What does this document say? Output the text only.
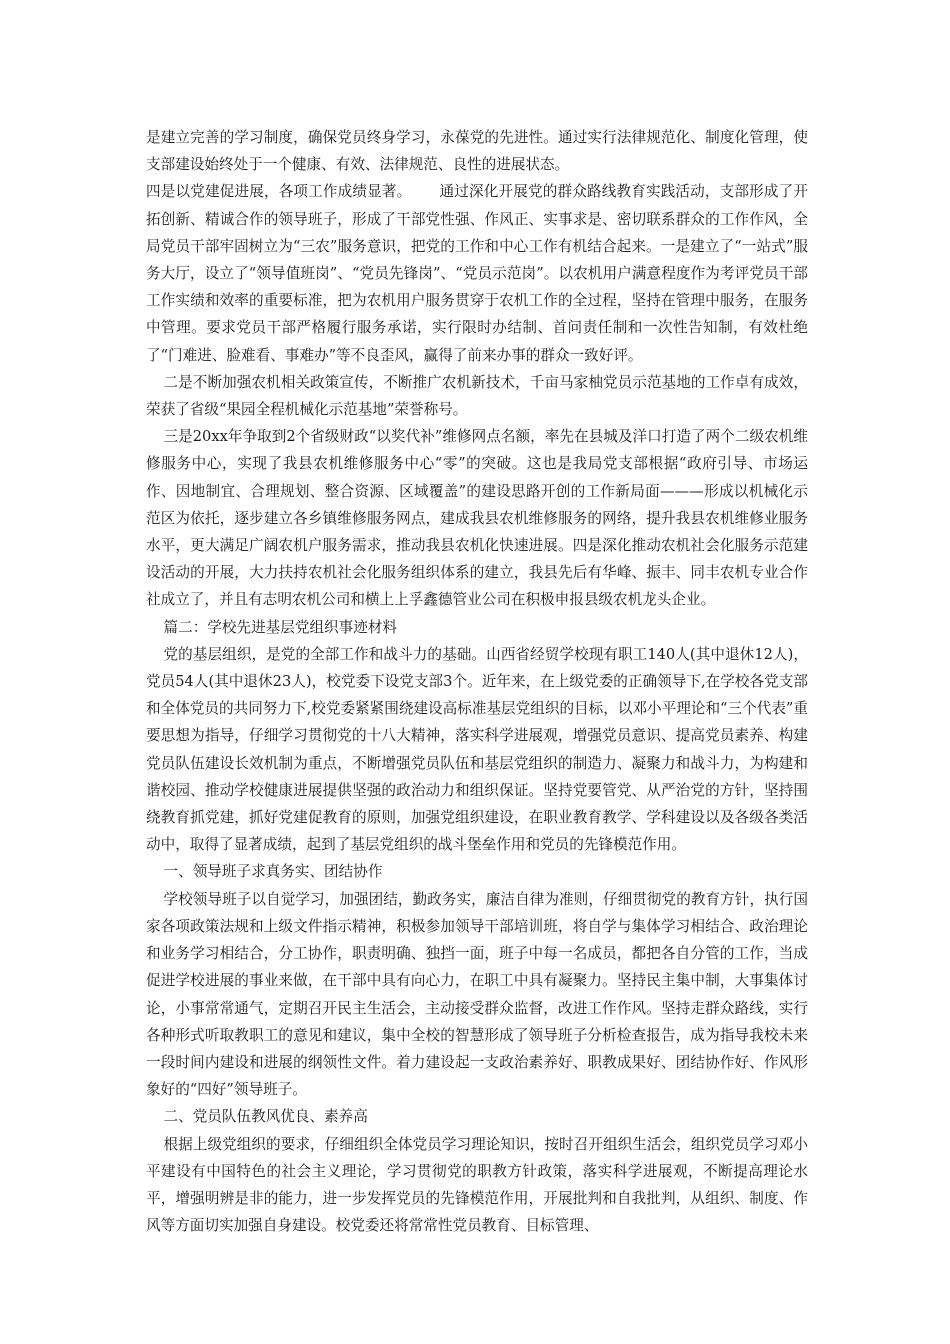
是建立完善的学习制度，确保党员终身学习，永葆党的先进性。通过实行法律规范化、制度化管理，使支部建设始终处于一个健康、有效、法律规范、良性的进展状态。

四是以党建促进展，各项工作成绩显著。 通过深化开展党的群众路线教育实践活动，支部形成了开拓创新、精诚合作的领导班子，形成了干部党性强、作风正、实事求是、密切联系群众的工作作风，全局党员干部牢固树立为“三农”服务意识，把党的工作和中心工作有机结合起来。一是建立了“一站式”服务大厅，设立了“领导值班岗”、“党员先锋岗”、“党员示范岗”。以农机用户满意程度作为考评党员干部工作实绩和效率的重要标准，把为农机用户服务贯穿于农机工作的全过程，坚持在管理中服务，在服务中管理。要求党员干部严格履行服务承诺，实行限时办结制、首问责任制和一次性告知制，有效杜绝了“门难进、脸难看、事难办”等不良歪风，赢得了前来办事的群众一致好评。

二是不断加强农机相关政策宣传，不断推广农机新技术，千亩马家柚党员示范基地的工作卓有成效，荣获了省级“果园全程机械化示范基地”荣誉称号。

三是20xx年争取到2个省级财政“以奖代补”维修网点名额，率先在县城及洋口打造了两个二级农机维修服务中心，实现了我县农机维修服务中心“零”的突破。这也是我局党支部根据“政府引导、市场运作、因地制宜、合理规划、整合资源、区域覆盖”的建设思路开创的工作新局面———形成以机械化示范区为依托，逐步建立各乡镇维修服务网点，建成我县农机维修服务的网络，提升我县农机维修业服务水平，更大满足广阔农机户服务需求，推动我县农机化快速进展。四是深化推动农机社会化服务示范建设活动的开展，大力扶持农机社会化服务组织体系的建立，我县先后有华峰、振丰、同丰农机专业合作社成立了，并且有志明农机公司和横上上孚鑫德管业公司在积极申报县级农机龙头企业。

篇二：学校先进基层党组织事迹材料

党的基层组织，是党的全部工作和战斗力的基础。山西省经贸学校现有职工140人(其中退休12人)，党员54人(其中退休23人)，校党委下设党支部3个。近年来，在上级党委的正确领导下,在学校各党支部和全体党员的共同努力下,校党委紧紧围绕建设高标准基层党组织的目标，以邓小平理论和“三个代表”重要思想为指导，仔细学习贯彻党的十八大精神，落实科学进展观，增强党员意识、提高党员素养、构建党员队伍建设长效机制为重点，不断增强党员队伍和基层党组织的制造力、凝聚力和战斗力，为构建和谐校园、推动学校健康进展提供坚强的政治动力和组织保证。坚持党要管党、从严治党的方针，坚持围绕教育抓党建，抓好党建促教育的原则，加强党组织建设，在职业教育教学、学科建设以及各级各类活动中，取得了显著成绩，起到了基层党组织的战斗堡垒作用和党员的先锋模范作用。

一、领导班子求真务实、团结协作

学校领导班子以自觉学习，加强团结，勤政务实，廉洁自律为准则，仔细贯彻党的教育方针，执行国家各项政策法规和上级文件指示精神，积极参加领导干部培训班，将自学与集体学习相结合、政治理论和业务学习相结合，分工协作，职责明确、独挡一面，班子中每一名成员，都把各自分管的工作，当成促进学校进展的事业来做，在干部中具有向心力，在职工中具有凝聚力。坚持民主集中制，大事集体讨论，小事常常通气，定期召开民主生活会，主动接受群众监督，改进工作作风。坚持走群众路线，实行各种形式听取教职工的意见和建议，集中全校的智慧形成了领导班子分析检查报告，成为指导我校未来一段时间内建设和进展的纲领性文件。着力建设起一支政治素养好、职教成果好、团结协作好、作风形象好的“四好”领导班子。

二、党员队伍教风优良、素养高

根据上级党组织的要求，仔细组织全体党员学习理论知识，按时召开组织生活会，组织党员学习邓小平建设有中国特色的社会主义理论，学习贯彻党的职教方针政策，落实科学进展观，不断提高理论水平，增强明辨是非的能力，进一步发挥党员的先锋模范作用，开展批判和自我批判，从组织、制度、作风等方面切实加强自身建设。校党委还将常常性党员教育、目标管理、
